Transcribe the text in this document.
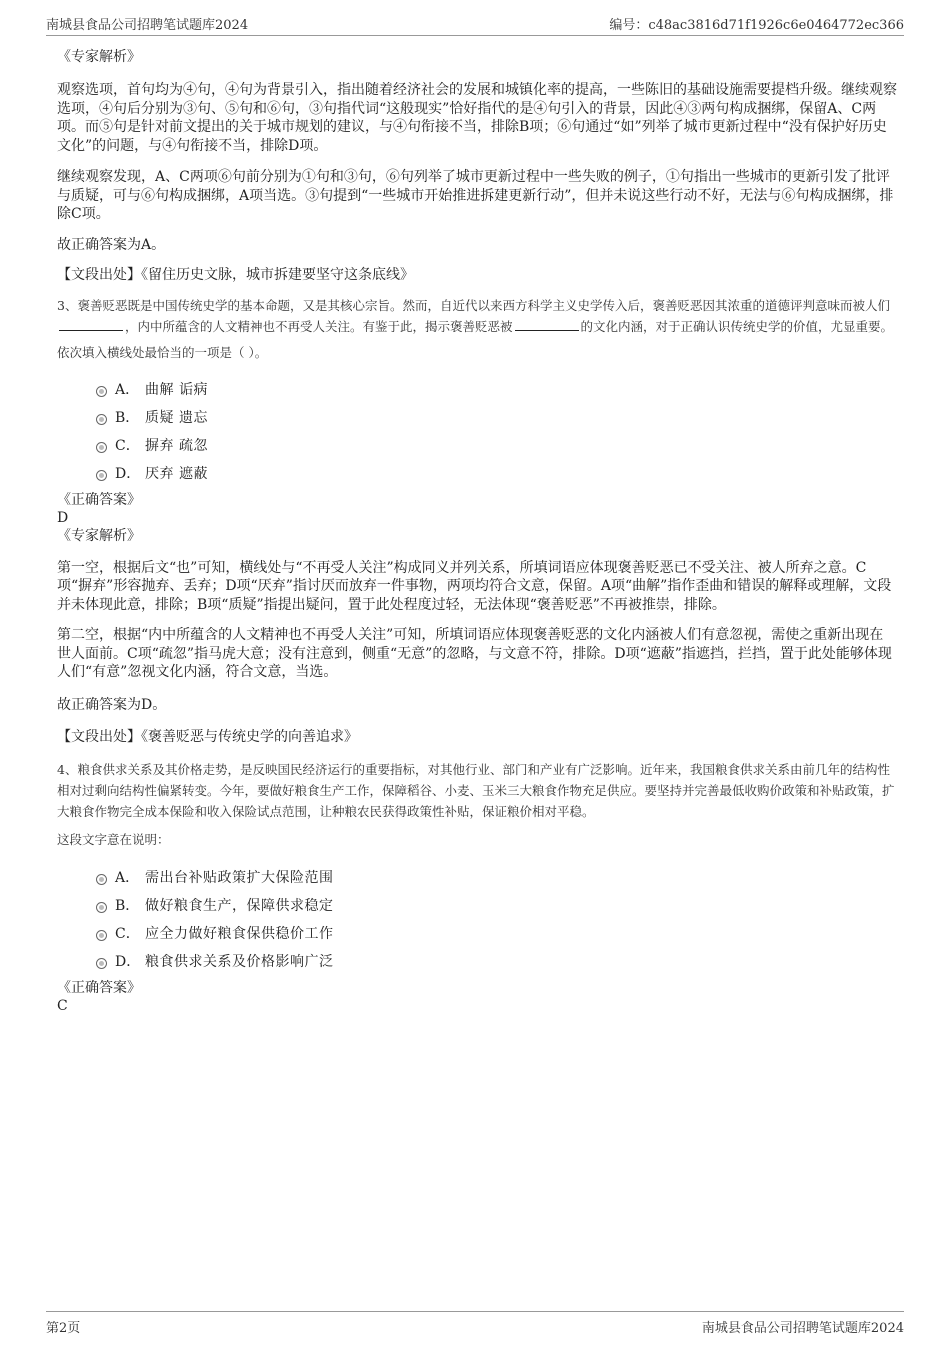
南城县食品公司招聘笔试题库2024	编号：c48ac3816d71f1926c6e0464772ec366

《专家解析》

观察选项，首句均为④句，④句为背景引入，指出随着经济社会的发展和城镇化率的提高，一些陈旧的基础设施需要提档升级。继续观察选项，④句后分别为③句、⑤句和⑥句，③句指代词“这般现实”恰好指代的是④句引入的背景，因此④③两句构成捆绑，保留A、C两项。而⑤句是针对前文提出的关于城市规划的建议，与④句衔接不当，排除B项；⑥句通过“如”列举了城市更新过程中“没有保护好历史文化”的问题，与④句衔接不当，排除D项。

继续观察发现，A、C两项⑥句前分别为①句和③句，⑥句列举了城市更新过程中一些失败的例子，①句指出一些城市的更新引发了批评与质疑，可与⑥句构成捆绑，A项当选。③句提到“一些城市开始推进拆建更新行动”，但并未说这些行动不好，无法与⑥句构成捆绑，排除C项。

故正确答案为A。

【文段出处】《留住历史文脉，城市拆建要坚守这条底线》

3、褒善贬恶既是中国传统史学的基本命题，又是其核心宗旨。然而，自近代以来西方科学主义史学传入后，褒善贬恶因其浓重的道德评判意味而被人们，内中所蕴含的人文精神也不再受人关注。有鉴于此，揭示褒善贬恶被	的文化内涵，对于正确认识传统史学的价值，尤显重要。

依次填入横线处最恰当的一项是（ ）。

A． 曲解 诟病
B． 质疑 遗忘
C． 摒弃 疏忽
D． 厌弃 遮蔽

《正确答案》

D

《专家解析》

第一空，根据后文“也”可知，横线处与“不再受人关注”构成同义并列关系，所填词语应体现褒善贬恶已不受关注、被人所弃之意。C项“摒弃”形容抛弃、丢弃；D项“厌弃”指讨厌而放弃一件事物，两项均符合文意，保留。A项“曲解”指作歪曲和错误的解释或理解，文段并未体现此意，排除；B项“质疑”指提出疑问，置于此处程度过轻，无法体现“褒善贬恶”不再被推崇，排除。

第二空，根据“内中所蕴含的人文精神也不再受人关注”可知，所填词语应体现褒善贬恶的文化内涵被人们有意忽视，需使之重新出现在世人面前。C项“疏忽”指马虎大意；没有注意到，侧重“无意”的忽略，与文意不符，排除。D项“遮蔽”指遮挡，拦挡，置于此处能够体现人们“有意”忽视文化内涵，符合文意，当选。

故正确答案为D。

【文段出处】《褒善贬恶与传统史学的向善追求》

4、粮食供求关系及其价格走势，是反映国民经济运行的重要指标，对其他行业、部门和产业有广泛影响。近年来，我国粮食供求关系由前几年的结构性相对过剩向结构性偏紧转变。今年，要做好粮食生产工作，保障稻谷、小麦、玉米三大粮食作物充足供应。要坚持并完善最低收购价政策和补贴政策，扩大粮食作物完全成本保险和收入保险试点范围，让种粮农民获得政策性补贴，保证粮价相对平稳。

这段文字意在说明：

A． 需出台补贴政策扩大保险范围
B． 做好粮食生产，保障供求稳定
C． 应全力做好粮食保供稳价工作
D． 粮食供求关系及价格影响广泛

《正确答案》

C

第2页	南城县食品公司招聘笔试题库2024
